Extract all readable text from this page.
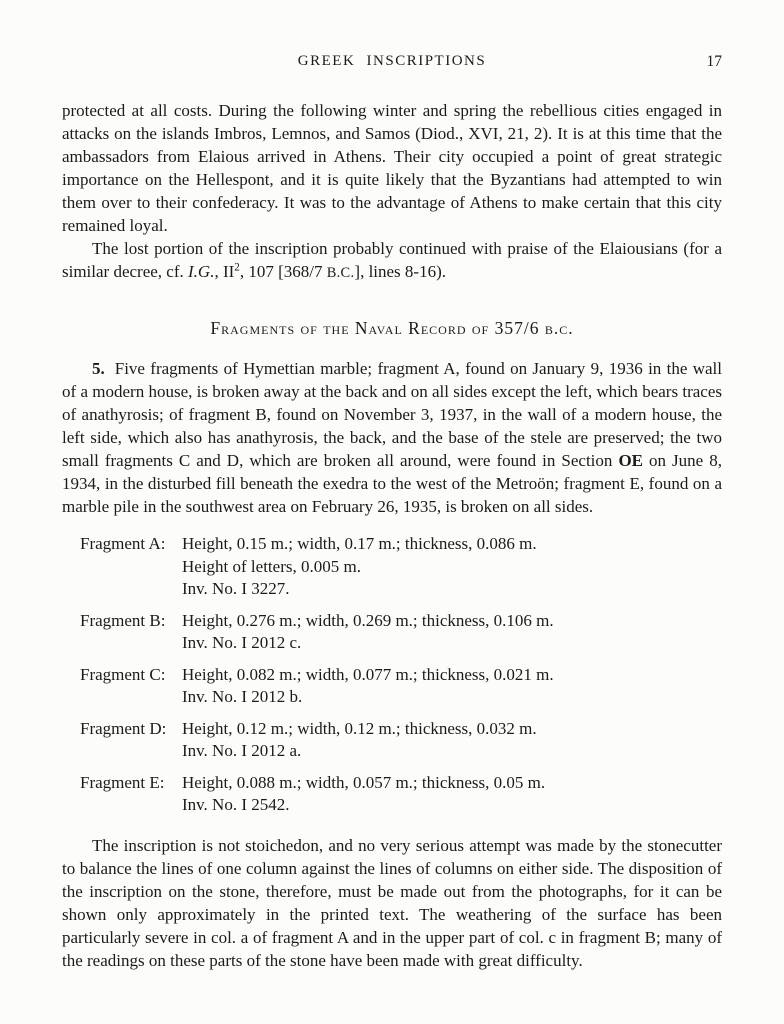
GREEK INSCRIPTIONS	17

protected at all costs. During the following winter and spring the rebellious cities engaged in attacks on the islands Imbros, Lemnos, and Samos (Diod., XVI, 21, 2). It is at this time that the ambassadors from Elaious arrived in Athens. Their city occupied a point of great strategic importance on the Hellespont, and it is quite likely that the Byzantians had attempted to win them over to their confederacy. It was to the advantage of Athens to make certain that this city remained loyal.

The lost portion of the inscription probably continued with praise of the Elaiousians (for a similar decree, cf. I.G., $II^2$, 107 [368/7 B.C.], lines 8-16).

Fragments of the Naval Record of 357/6 b.c.

5. Five fragments of Hymettian marble; fragment A, found on January 9, 1936 in the wall of a modern house, is broken away at the back and on all sides except the left, which bears traces of anathyrosis; of fragment B, found on November 3, 1937, in the wall of a modern house, the left side, which also has anathyrosis, the back, and the base of the stele are preserved; the two small fragments C and D, which are broken all around, were found in Section ΟΕ on June 8, 1934, in the disturbed fill beneath the exedra to the west of the Metroön; fragment E, found on a marble pile in the southwest area on February 26, 1935, is broken on all sides.

Fragment A: Height, 0.15 m.; width, 0.17 m.; thickness, 0.086 m.
Height of letters, 0.005 m.
Inv. No. I 3227.
Fragment B: Height, 0.276 m.; width, 0.269 m.; thickness, 0.106 m.
Inv. No. I 2012 c.
Fragment C: Height, 0.082 m.; width, 0.077 m.; thickness, 0.021 m.
Inv. No. I 2012 b.
Fragment D: Height, 0.12 m.; width, 0.12 m.; thickness, 0.032 m.
Inv. No. I 2012 a.
Fragment E:	Height, 0.088 m.; width, 0.057 m.; thickness, 0.05 m.
Inv. No. I 2542.

The inscription is not stoichedon, and no very serious attempt was made by the stonecutter to balance the lines of one column against the lines of columns on either side. The disposition of the inscription on the stone, therefore, must be made out from the photographs, for it can be shown only approximately in the printed text. The weathering of the surface has been particularly severe in col. a of fragment A and in the upper part of col. c in fragment B; many of the readings on these parts of the stone have been made with great difficulty.
